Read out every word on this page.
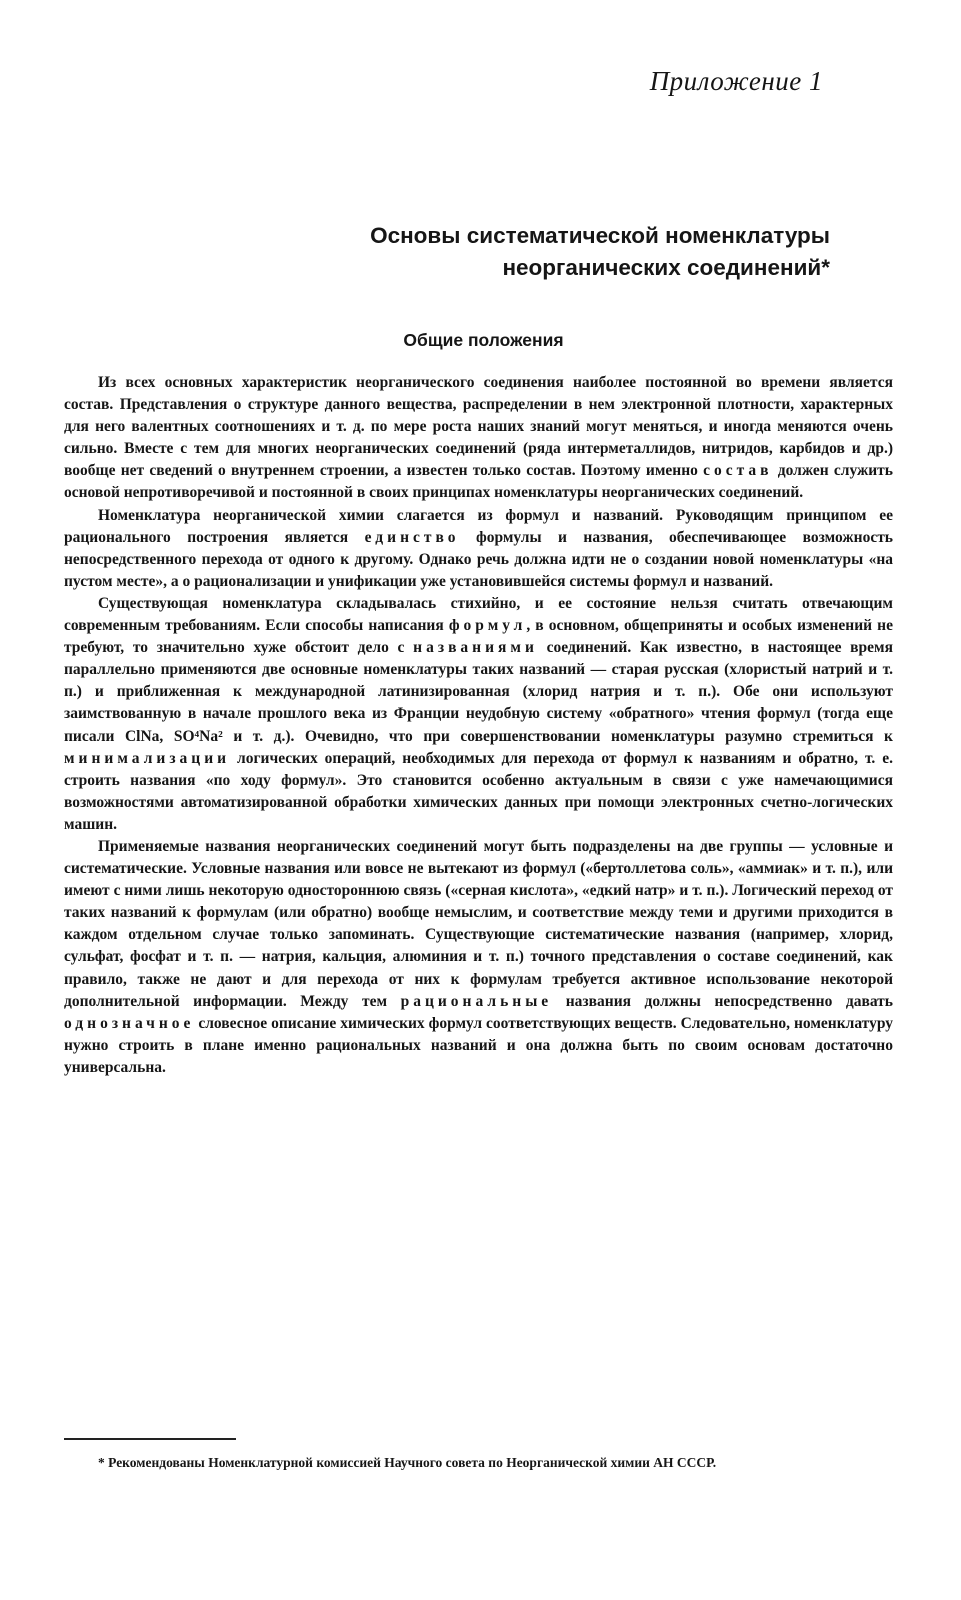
Приложение 1
Основы систематической номенклатуры
неорганических соединений*
Общие положения

Из всех основных характеристик неорганического соединения наиболее постоянной во времени является состав. Представления о структуре данного вещества, распределении в нем электронной плотности, характерных для него валентных соотношениях и т. д. по мере роста наших знаний могут меняться, и иногда меняются очень сильно. Вместе с тем для многих неорганических соединений (ряда интерметаллидов, нитридов, карбидов и др.) вообще нет сведений о внутреннем строении, а известен только состав. Поэтому именно состав должен служить основой непротиворечивой и постоянной в своих принципах номенклатуры неорганических соединений.

Номенклатура неорганической химии слагается из формул и названий. Руководящим принципом ее рационального построения является единство формулы и названия, обеспечивающее возможность непосредственного перехода от одного к другому. Однако речь должна идти не о создании новой номенклатуры «на пустом месте», а о рационализации и унификации уже установившейся системы формул и названий.

Существующая номенклатура складывалась стихийно, и ее состояние нельзя считать отвечающим современным требованиям. Если способы написания формул, в основном, общеприняты и особых изменений не требуют, то значительно хуже обстоит дело с названиями соединений. Как известно, в настоящее время параллельно применяются две основные номенклатуры таких названий — старая русская (хлористый натрий и т. п.) и приближенная к международной латинизированная (хлорид натрия и т. п.). Обе они используют заимствованную в начале прошлого века из Франции неудобную систему «обратного» чтения формул (тогда еще писали ClNa, SO⁴Na² и т. д.). Очевидно, что при совершенствовании номенклатуры разумно стремиться к минимализации логических операций, необходимых для перехода от формул к названиям и обратно, т. е. строить названия «по ходу формул». Это становится особенно актуальным в связи с уже намечающимися возможностями автоматизированной обработки химических данных при помощи электронных счетно-логических машин.

Применяемые названия неорганических соединений могут быть подразделены на две группы — условные и систематические. Условные названия или вовсе не вытекают из формул («бертоллетова соль», «аммиак» и т. п.), или имеют с ними лишь некоторую одностороннюю связь («серная кислота», «едкий натр» и т. п.). Логический переход от таких названий к формулам (или обратно) вообще немыслим, и соответствие между теми и другими приходится в каждом отдельном случае только запоминать. Существующие систематические названия (например, хлорид, сульфат, фосфат и т. п. — натрия, кальция, алюминия и т. п.) точного представления о составе соединений, как правило, также не дают и для перехода от них к формулам требуется активное использование некоторой дополнительной информации. Между тем рациональные названия должны непосредственно давать однозначное словесное описание химических формул соответствующих веществ. Следовательно, номенклатуру нужно строить в плане именно рациональных названий и она должна быть по своим основам достаточно универсальна.

* Рекомендованы Номенклатурной комиссией Научного совета по Неорганической химии АН СССР.
